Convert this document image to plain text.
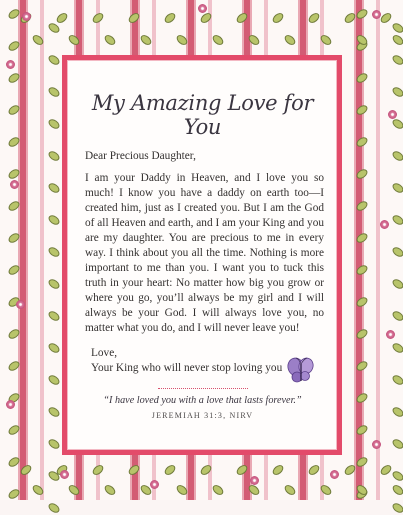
My Amazing Love for You
Dear Precious Daughter,
I am your Daddy in Heaven, and I love you so much! I know you have a daddy on earth too—I created him, just as I created you. But I am the God of all Heaven and earth, and I am your King and you are my daughter. You are precious to me in every way. I think about you all the time. Nothing is more important to me than you. I want you to tuck this truth in your heart: No matter how big you grow or where you go, you’ll always be my girl and I will always be your God. I will always love you, no matter what you do, and I will never leave you!
Love,
Your King who will never stop loving you
“I have loved you with a love that lasts forever.”
JEREMIAH 31:3, NIRV
